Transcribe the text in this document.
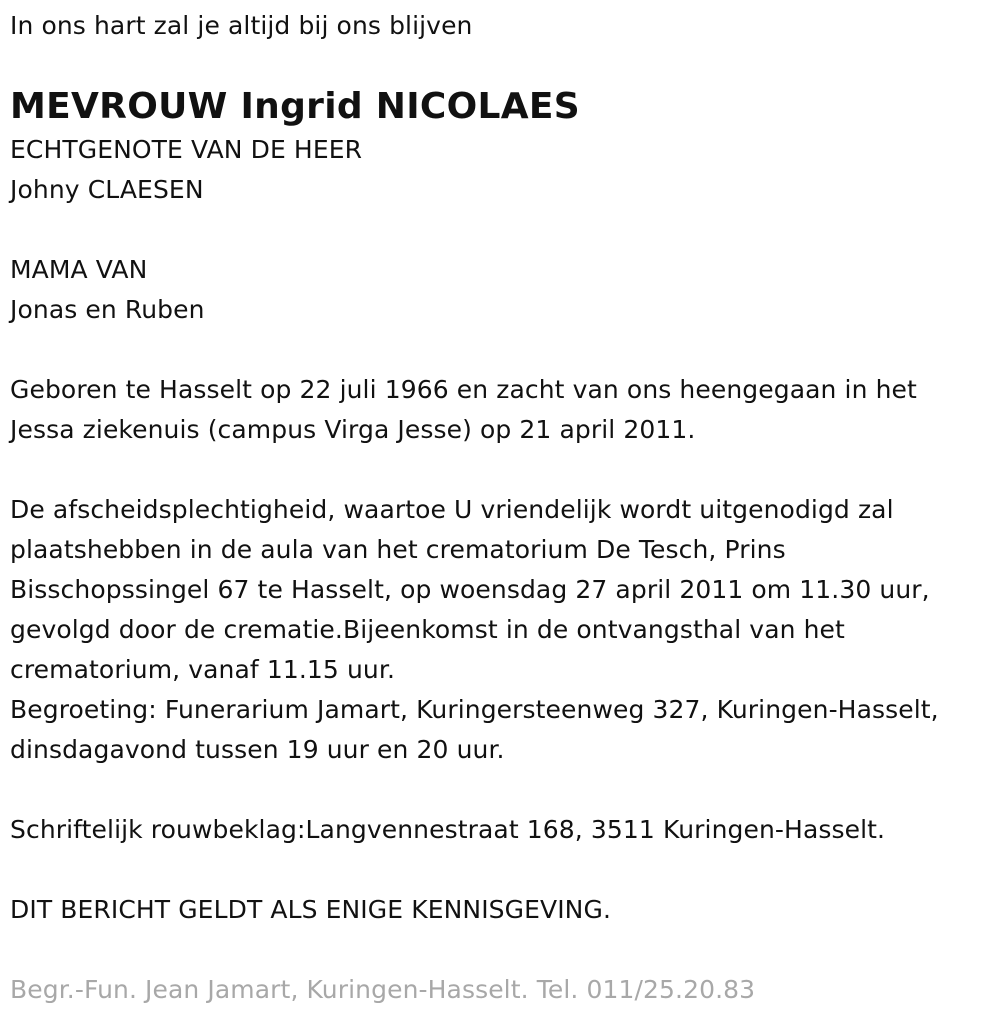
In ons hart zal je altijd bij ons blijven

MEVROUW Ingrid NICOLAES

ECHTGENOTE VAN DE HEER

Johny CLAESEN

MAMA VAN

Jonas en Ruben

Geboren te Hasselt op 22 juli 1966 en zacht van ons heengegaan in het

Jessa ziekenuis (campus Virga Jesse) op 21 april 2011.

De afscheidsplechtigheid, waartoe U vriendelijk wordt uitgenodigd zal

plaatshebben in de aula van het crematorium De Tesch, Prins

Bisschopssingel 67 te Hasselt, op woensdag 27 april 2011 om 11.30 uur,

gevolgd door de crematie.Bijeenkomst in de ontvangsthal van het

crematorium, vanaf 11.15 uur.

Begroeting: Funerarium Jamart, Kuringersteenweg 327, Kuringen-Hasselt,

dinsdagavond tussen 19 uur en 20 uur.

Schriftelijk rouwbeklag:Langvennestraat 168, 3511 Kuringen-Hasselt.

DIT BERICHT GELDT ALS ENIGE KENNISGEVING.

Begr.-Fun. Jean Jamart, Kuringen-Hasselt. Tel. 011/25.20.83
